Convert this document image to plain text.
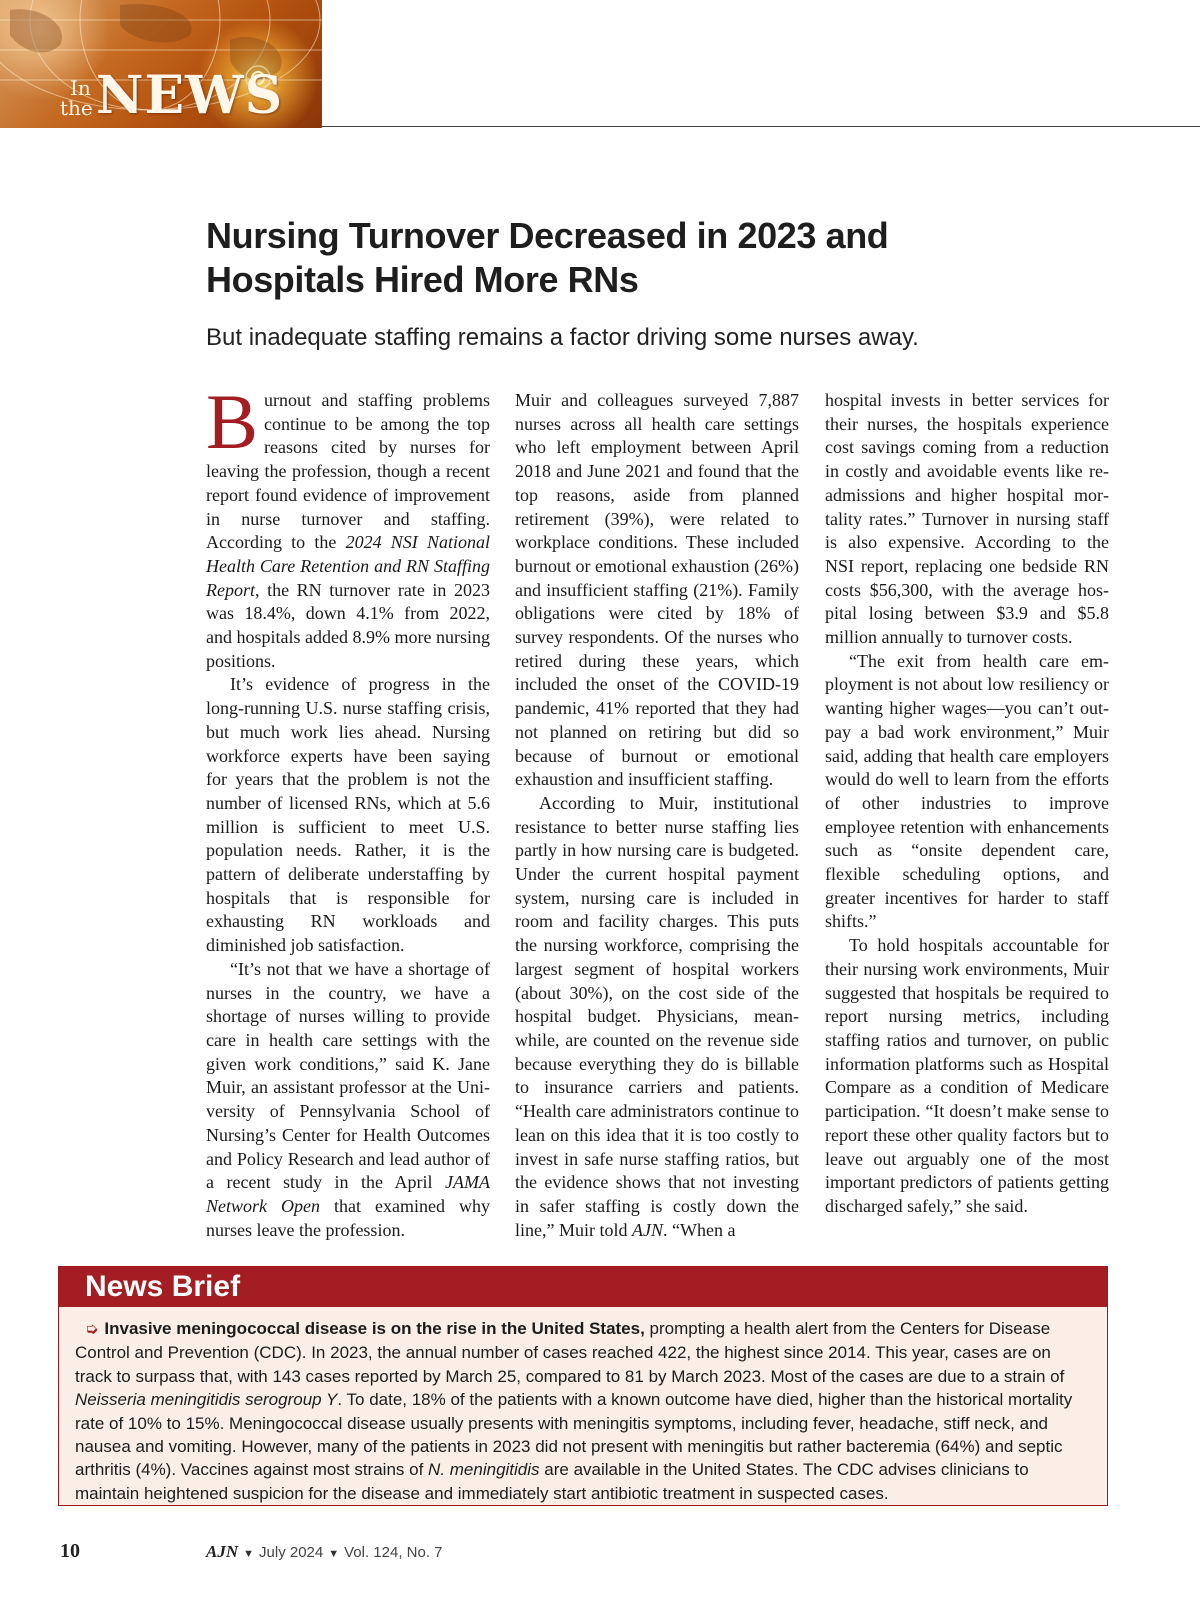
In
the NEWS
Nursing Turnover Decreased in 2023 and Hospitals Hired More RNs
But inadequate staffing remains a factor driving some nurses away.

Burnout and staffing problems continue to be among the top reasons cited by nurses for leaving the profession, though a recent report found evidence of improvement in nurse turnover and staffing. According to the 2024 NSI National Health Care Retention and RN Staffing Report, the RN turnover rate in 2023 was 18.4%, down 4.1% from 2022, and hospitals added 8.9% more nursing positions.

It’s evidence of progress in the long-running U.S. nurse staffing crisis, but much work lies ahead. Nursing workforce experts have been saying for years that the problem is not the number of licensed RNs, which at 5.6 million is sufficient to meet U.S. population needs. Rather, it is the pattern of deliberate understaffing by hospitals that is responsible for exhausting RN workloads and diminished job satisfaction.

“It’s not that we have a shortage of nurses in the country, we have a shortage of nurses willing to provide care in health care settings with the given work conditions,” said K. Jane Muir, an assistant professor at the University of Pennsylvania School of Nursing’s Center for Health Outcomes and Policy Research and lead author of a recent study in the April JAMA Network Open that examined why nurses leave the profession.

Muir and colleagues surveyed 7,887 nurses across all health care settings who left employment between April 2018 and June 2021 and found that the top reasons, aside from planned retirement (39%), were related to workplace conditions. These included burnout or emotional exhaustion (26%) and insufficient staffing (21%). Family obligations were cited by 18% of survey respondents. Of the nurses who retired during these years, which included the onset of the COVID-19 pandemic, 41% reported that they had not planned on retiring but did so because of burnout or emotional exhaustion and insufficient staffing.

According to Muir, institutional resistance to better nurse staffing lies partly in how nursing care is budgeted. Under the current hospital payment system, nursing care is included in room and facility charges. This puts the nursing workforce, comprising the largest segment of hospital workers (about 30%), on the cost side of the hospital budget. Physicians, meanwhile, are counted on the revenue side because everything they do is billable to insurance carriers and patients. “Health care administrators continue to lean on this idea that it is too costly to invest in safe nurse staffing ratios, but the evidence shows that not investing in safer staffing is costly down the line,” Muir told AJN. “When a

hospital invests in better services for their nurses, the hospitals experience cost savings coming from a reduction in costly and avoidable events like readmissions and higher hospital mortality rates.” Turnover in nursing staff is also expensive. According to the NSI report, replacing one bedside RN costs $56,300, with the average hospital losing between $3.9 and $5.8 million annually to turnover costs.

“The exit from health care employment is not about low resiliency or wanting higher wages—you can’t out-pay a bad work environment,” Muir said, adding that health care employers would do well to learn from the efforts of other industries to improve employee retention with enhancements such as “onsite dependent care, flexible scheduling options, and greater incentives for harder to staff shifts.”

To hold hospitals accountable for their nursing work environments, Muir suggested that hospitals be required to report nursing metrics, including staffing ratios and turnover, on public information platforms such as Hospital Compare as a condition of Medicare participation. “It doesn’t make sense to report these other quality factors but to leave out arguably one of the most important predictors of patients getting discharged safely,” she said.

News Brief
➭ Invasive meningococcal disease is on the rise in the United States, prompting a health alert from the Centers for Disease Control and Prevention (CDC). In 2023, the annual number of cases reached 422, the highest since 2014. This year, cases are on track to surpass that, with 143 cases reported by March 25, compared to 81 by March 2023. Most of the cases are due to a strain of Neisseria meningitidis serogroup Y. To date, 18% of the patients with a known outcome have died, higher than the historical mortality rate of 10% to 15%. Meningococcal disease usually presents with meningitis symptoms, including fever, headache, stiff neck, and nausea and vomiting. However, many of the patients in 2023 did not present with meningitis but rather bacteremia (64%) and septic arthritis (4%). Vaccines against most strains of N. meningitidis are available in the United States. The CDC advises clinicians to maintain heightened suspicion for the disease and immediately start antibiotic treatment in suspected cases.
10	AJN ▼ July 2024 ▼ Vol. 124, No. 7
